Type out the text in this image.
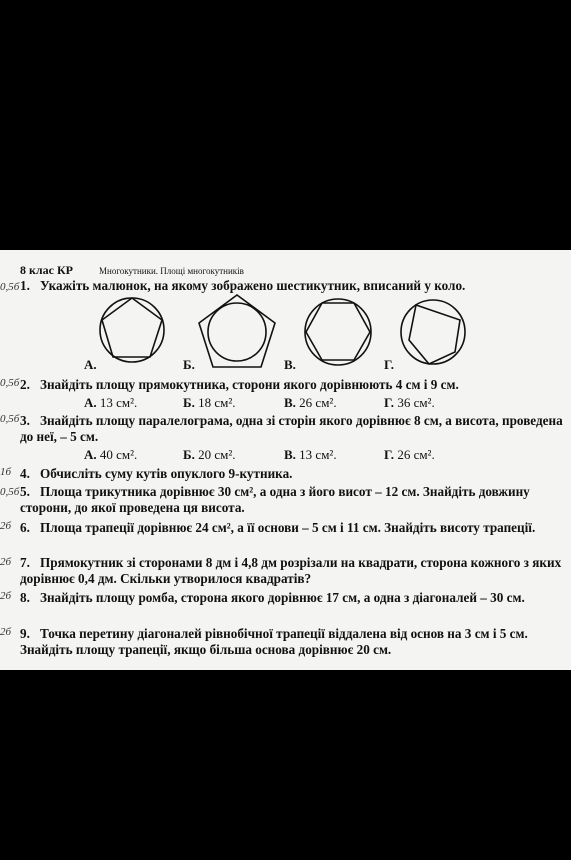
8 клас КР	Многокутники. Площі многокутників
0,5б
0,5б
0,5б
1б
0,5б
2б
2б
2б
2б
1. Укажіть малюнок, на якому зображено шестикутник, вписаний у коло.
А.	Б.	В.	Г.
2. Знайдіть площу прямокутника, сторони якого дорівнюють 4 см і 9 см.
А. 13 см².	Б. 18 см².	В. 26 см².	Г. 36 см².
3. Знайдіть площу паралелограма, одна зі сторін якого дорівнює 8 см, а висота, проведена до неї, – 5 см.
А. 40 см².	Б. 20 см².	В. 13 см².	Г. 26 см².
4. Обчисліть суму кутів опуклого 9-кутника.
5. Площа трикутника дорівнює 30 см², а одна з його висот – 12 см. Знайдіть довжину сторони, до якої проведена ця висота.
6. Площа трапеції дорівнює 24 см², а її основи – 5 см і 11 см. Знайдіть висоту трапеції.
7. Прямокутник зі сторонами 8 дм і 4,8 дм розрізали на квадрати, сторона кожного з яких дорівнює 0,4 дм. Скільки утворилося квадратів?
8. Знайдіть площу ромба, сторона якого дорівнює 17 см, а одна з діагоналей – 30 см.
9. Точка перетину діагоналей рівнобічної трапеції віддалена від основ на 3 см і 5 см. Знайдіть площу трапеції, якщо більша основа дорівнює 20 см.
